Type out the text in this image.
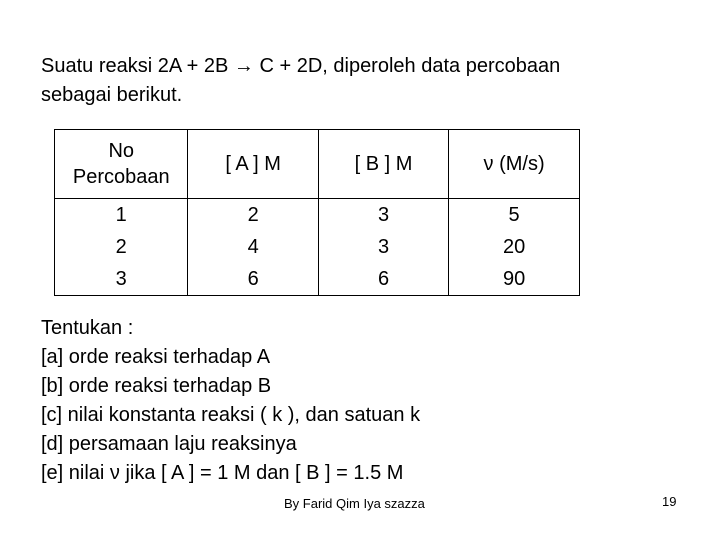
Suatu reaksi 2A + 2B → C + 2D, diperoleh data percobaan
sebagai berikut.
No
Percobaan	[ A ] M	[ B ] M	ν (M/s)
1	2	3	5
2	4	3	20
3	6	6	90
Tentukan :
[a] orde reaksi terhadap A
[b] orde reaksi terhadap B
[c] nilai konstanta reaksi ( k ), dan satuan k
[d] persamaan laju reaksinya
[e] nilai ν jika [ A ] = 1 M dan [ B ] = 1.5 M
By Farid Qim Iya szazza	19
